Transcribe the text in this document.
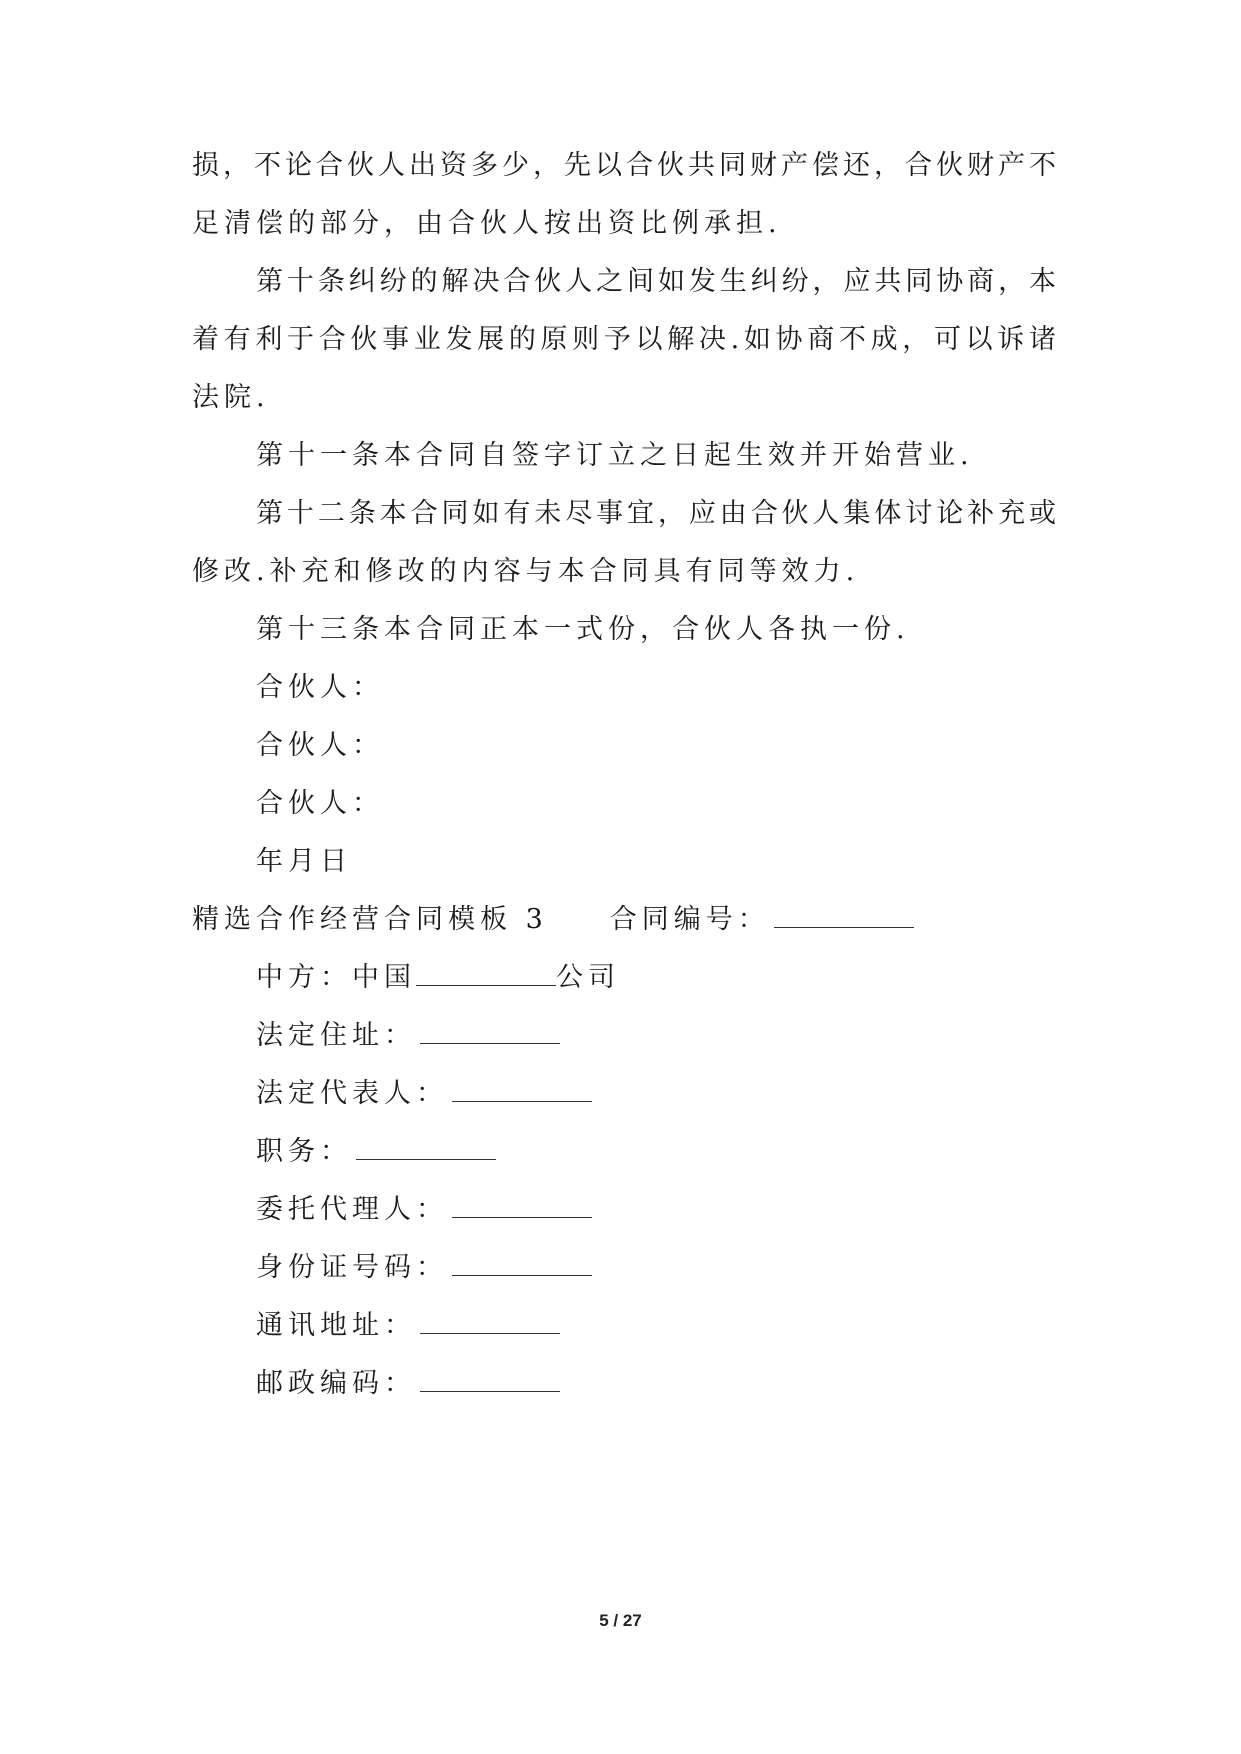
损，不论合伙人出资多少，先以合伙共同财产偿还，合伙财产不
足清偿的部分，由合伙人按出资比例承担.
第十条纠纷的解决合伙人之间如发生纠纷，应共同协商，本
着有利于合伙事业发展的原则予以解决.如协商不成，可以诉诸
法院.
第十一条本合同自签字订立之日起生效并开始营业.
第十二条本合同如有未尽事宜，应由合伙人集体讨论补充或
修改.补充和修改的内容与本合同具有同等效力.
第十三条本合同正本一式份，合伙人各执一份.
合伙人：
合伙人：
合伙人：
年月日
精选合作经营合同模板 3 合同编号：
中方：中国	公司
法定住址：
法定代表人：
职务：
委托代理人：
身份证号码：
通讯地址：
邮政编码：
5 / 27
